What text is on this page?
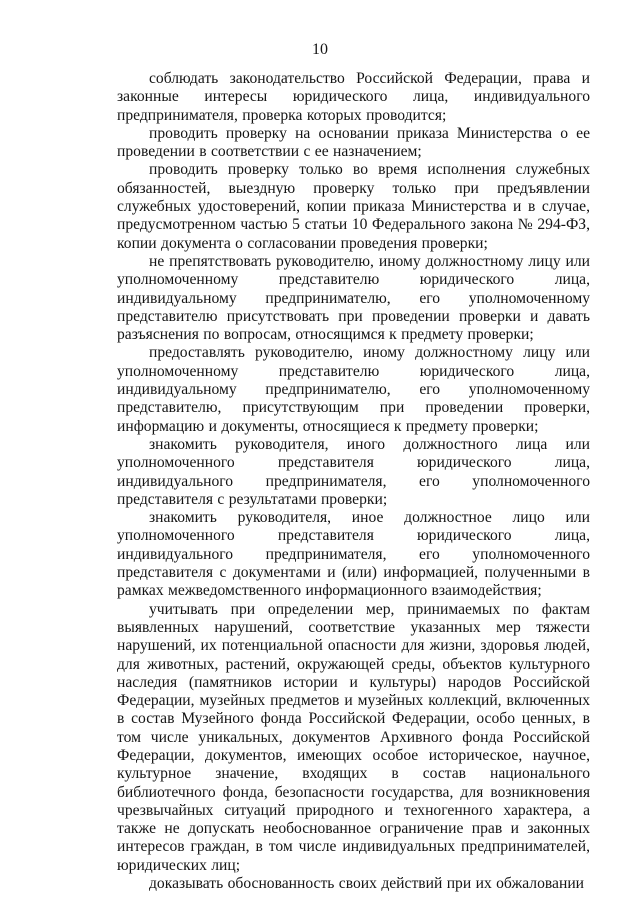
10

соблюдать законодательство Российской Федерации, права и законные интересы юридического лица, индивидуального предпринимателя, проверка которых проводится;

проводить проверку на основании приказа Министерства о ее проведении в соответствии с ее назначением;

проводить проверку только во время исполнения служебных обязанностей, выездную проверку только при предъявлении служебных удостоверений, копии приказа Министерства и в случае, предусмотренном частью 5 статьи 10 Федерального закона № 294-ФЗ, копии документа о согласовании проведения проверки;

не препятствовать руководителю, иному должностному лицу или уполномоченному представителю юридического лица, индивидуальному предпринимателю, его уполномоченному представителю присутствовать при проведении проверки и давать разъяснения по вопросам, относящимся к предмету проверки;

предоставлять руководителю, иному должностному лицу или уполномоченному представителю юридического лица, индивидуальному предпринимателю, его уполномоченному представителю, присутствующим при проведении проверки, информацию и документы, относящиеся к предмету проверки;

знакомить руководителя, иного должностного лица или уполномоченного представителя юридического лица, индивидуального предпринимателя, его уполномоченного представителя с результатами проверки;

знакомить руководителя, иное должностное лицо или уполномоченного представителя юридического лица, индивидуального предпринимателя, его уполномоченного представителя с документами и (или) информацией, полученными в рамках межведомственного информационного взаимодействия;

учитывать при определении мер, принимаемых по фактам выявленных нарушений, соответствие указанных мер тяжести нарушений, их потенциальной опасности для жизни, здоровья людей, для животных, растений, окружающей среды, объектов культурного наследия (памятников истории и культуры) народов Российской Федерации, музейных предметов и музейных коллекций, включенных в состав Музейного фонда Российской Федерации, особо ценных, в том числе уникальных, документов Архивного фонда Российской Федерации, документов, имеющих особое историческое, научное, культурное значение, входящих в состав национального библиотечного фонда, безопасности государства, для возникновения чрезвычайных ситуаций природного и техногенного характера, а также не допускать необоснованное ограничение прав и законных интересов граждан, в том числе индивидуальных предпринимателей, юридических лиц;

доказывать обоснованность своих действий при их обжаловании
